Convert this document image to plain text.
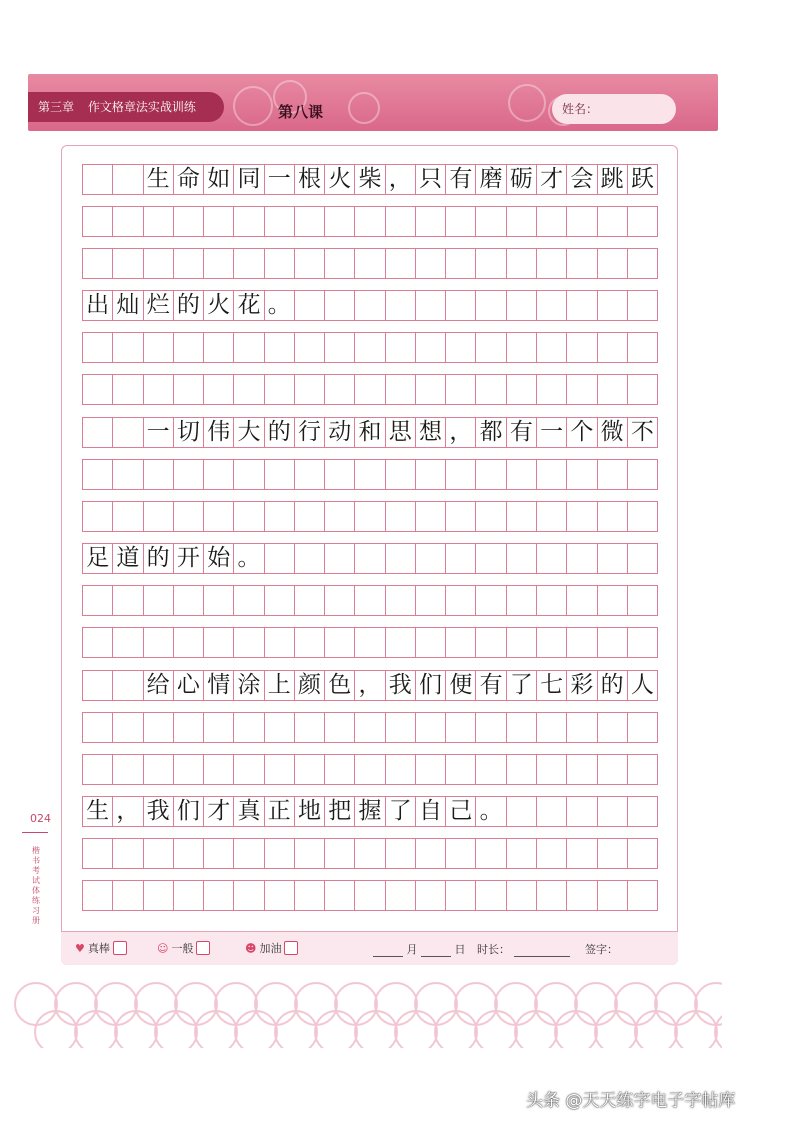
第三章 作文格章法实战训练	第八课	姓名：
生 命 如 同 一 根 火 柴 ， 只 有 磨 砺 才 会 跳 跃
出 灿 烂 的 火 花 。
一 切 伟 大 的 行 动 和 思 想 ， 都 有 一 个 微 不
足 道 的 开 始 。
给 心 情 涂 上 颜 色 ， 我 们 便 有 了 七 彩 的 人
生 ， 我 们 才 真 正 地 把 握 了 自 己 。
024
楷书考试体练习册
♥ 真棒	☺ 一般	☻ 加油	月	日 时长：	签字：
头条 @天天练字电子字帖库
